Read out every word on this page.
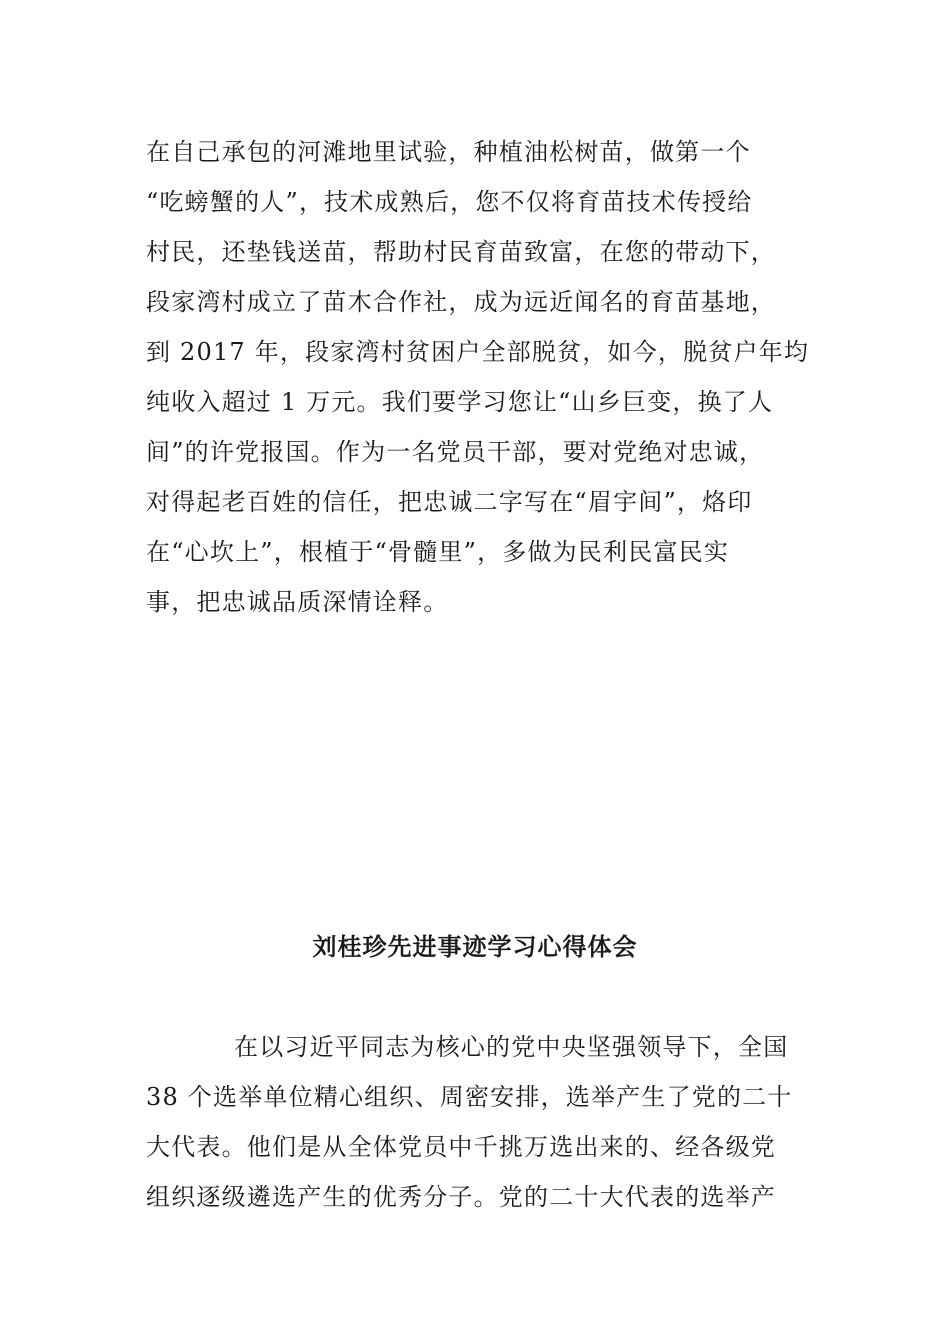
在自己承包的河滩地里试验，种植油松树苗，做第一个
“吃螃蟹的人”，技术成熟后，您不仅将育苗技术传授给
村民，还垫钱送苗，帮助村民育苗致富，在您的带动下，
段家湾村成立了苗木合作社，成为远近闻名的育苗基地，
到 2017 年，段家湾村贫困户全部脱贫，如今，脱贫户年均
纯收入超过 1 万元。我们要学习您让“山乡巨变，换了人
间”的许党报国。作为一名党员干部，要对党绝对忠诚，
对得起老百姓的信任，把忠诚二字写在“眉宇间”，烙印
在“心坎上”，根植于“骨髓里”，多做为民利民富民实
事，把忠诚品质深情诠释。
刘桂珍先进事迹学习心得体会
在以习近平同志为核心的党中央坚强领导下，全国
38 个选举单位精心组织、周密安排，选举产生了党的二十
大代表。他们是从全体党员中千挑万选出来的、经各级党
组织逐级遴选产生的优秀分子。党的二十大代表的选举产
